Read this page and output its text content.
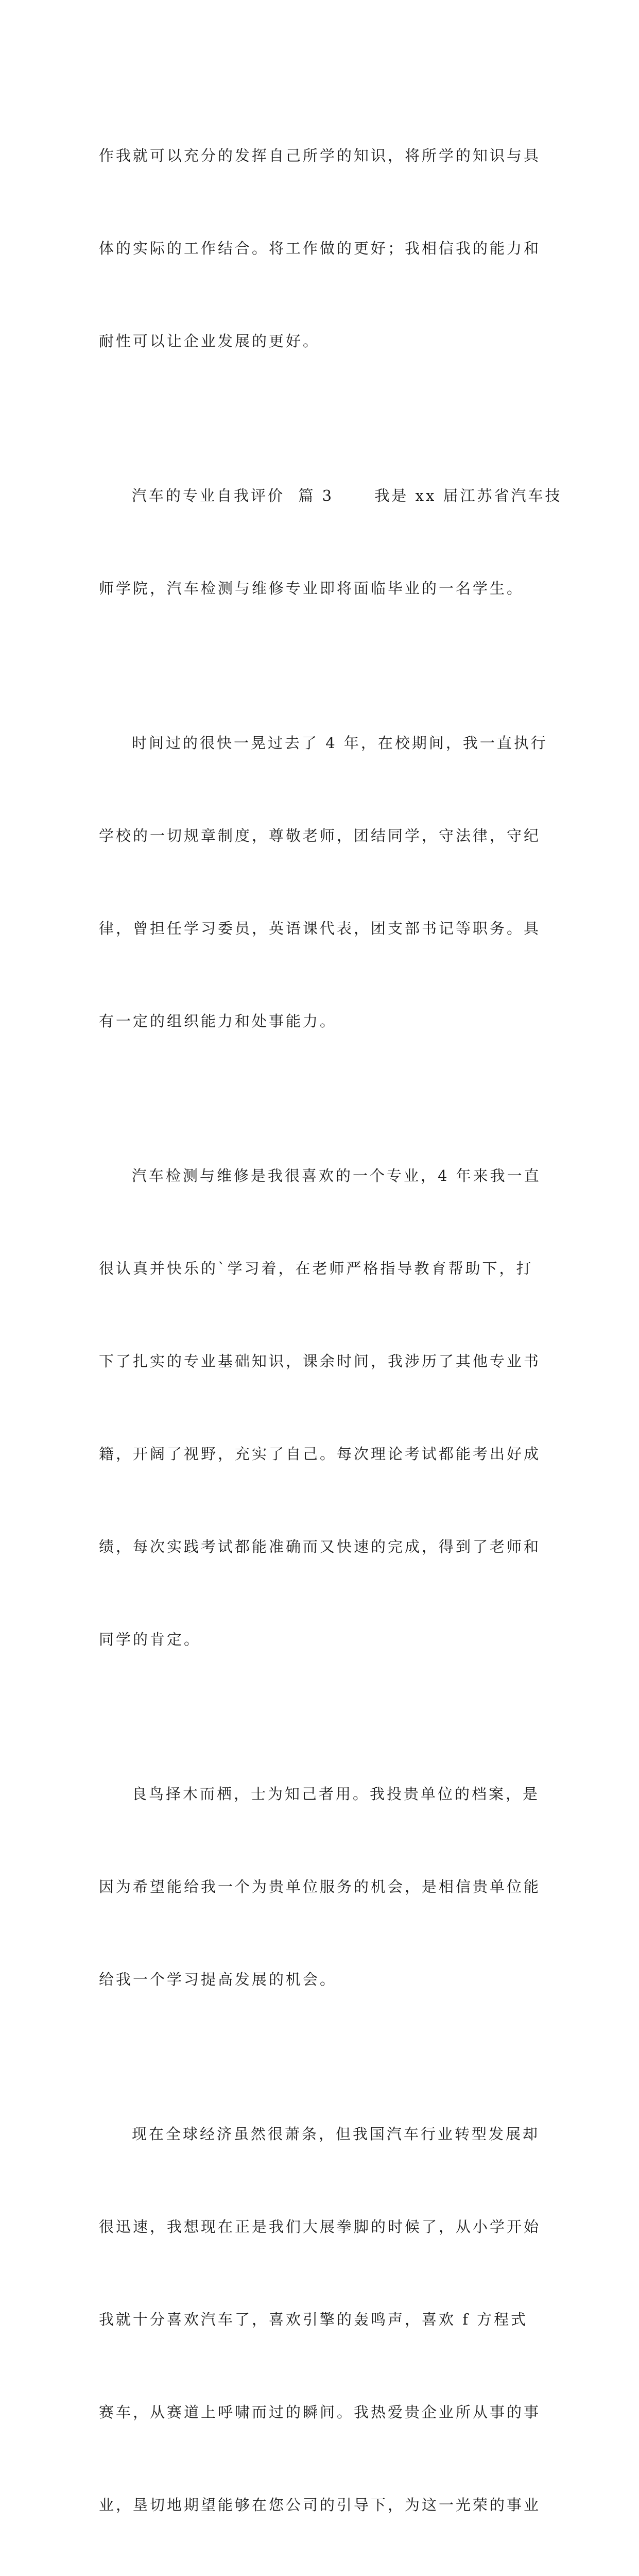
作我就可以充分的发挥自己所学的知识，将所学的知识与具

体的实际的工作结合。将工作做的更好；我相信我的能力和

耐性可以让企业发展的更好。

汽车的专业自我评价  篇 3      我是 xx 届江苏省汽车技

师学院，汽车检测与维修专业即将面临毕业的一名学生。

时间过的很快一晃过去了 4 年，在校期间，我一直执行

学校的一切规章制度，尊敬老师，团结同学，守法律，守纪

律，曾担任学习委员，英语课代表，团支部书记等职务。具

有一定的组织能力和处事能力。

汽车检测与维修是我很喜欢的一个专业，4 年来我一直

很认真并快乐的`学习着，在老师严格指导教育帮助下，打

下了扎实的专业基础知识，课余时间，我涉历了其他专业书

籍，开阔了视野，充实了自己。每次理论考试都能考出好成

绩，每次实践考试都能准确而又快速的完成，得到了老师和

同学的肯定。

良鸟择木而栖，士为知己者用。我投贵单位的档案，是

因为希望能给我一个为贵单位服务的机会，是相信贵单位能

给我一个学习提高发展的机会。

现在全球经济虽然很萧条，但我国汽车行业转型发展却

很迅速，我想现在正是我们大展拳脚的时候了，从小学开始

我就十分喜欢汽车了，喜欢引擎的轰鸣声，喜欢 f 方程式

赛车，从赛道上呼啸而过的瞬间。我热爱贵企业所从事的事

业，垦切地期望能够在您公司的引导下，为这一光荣的事业
